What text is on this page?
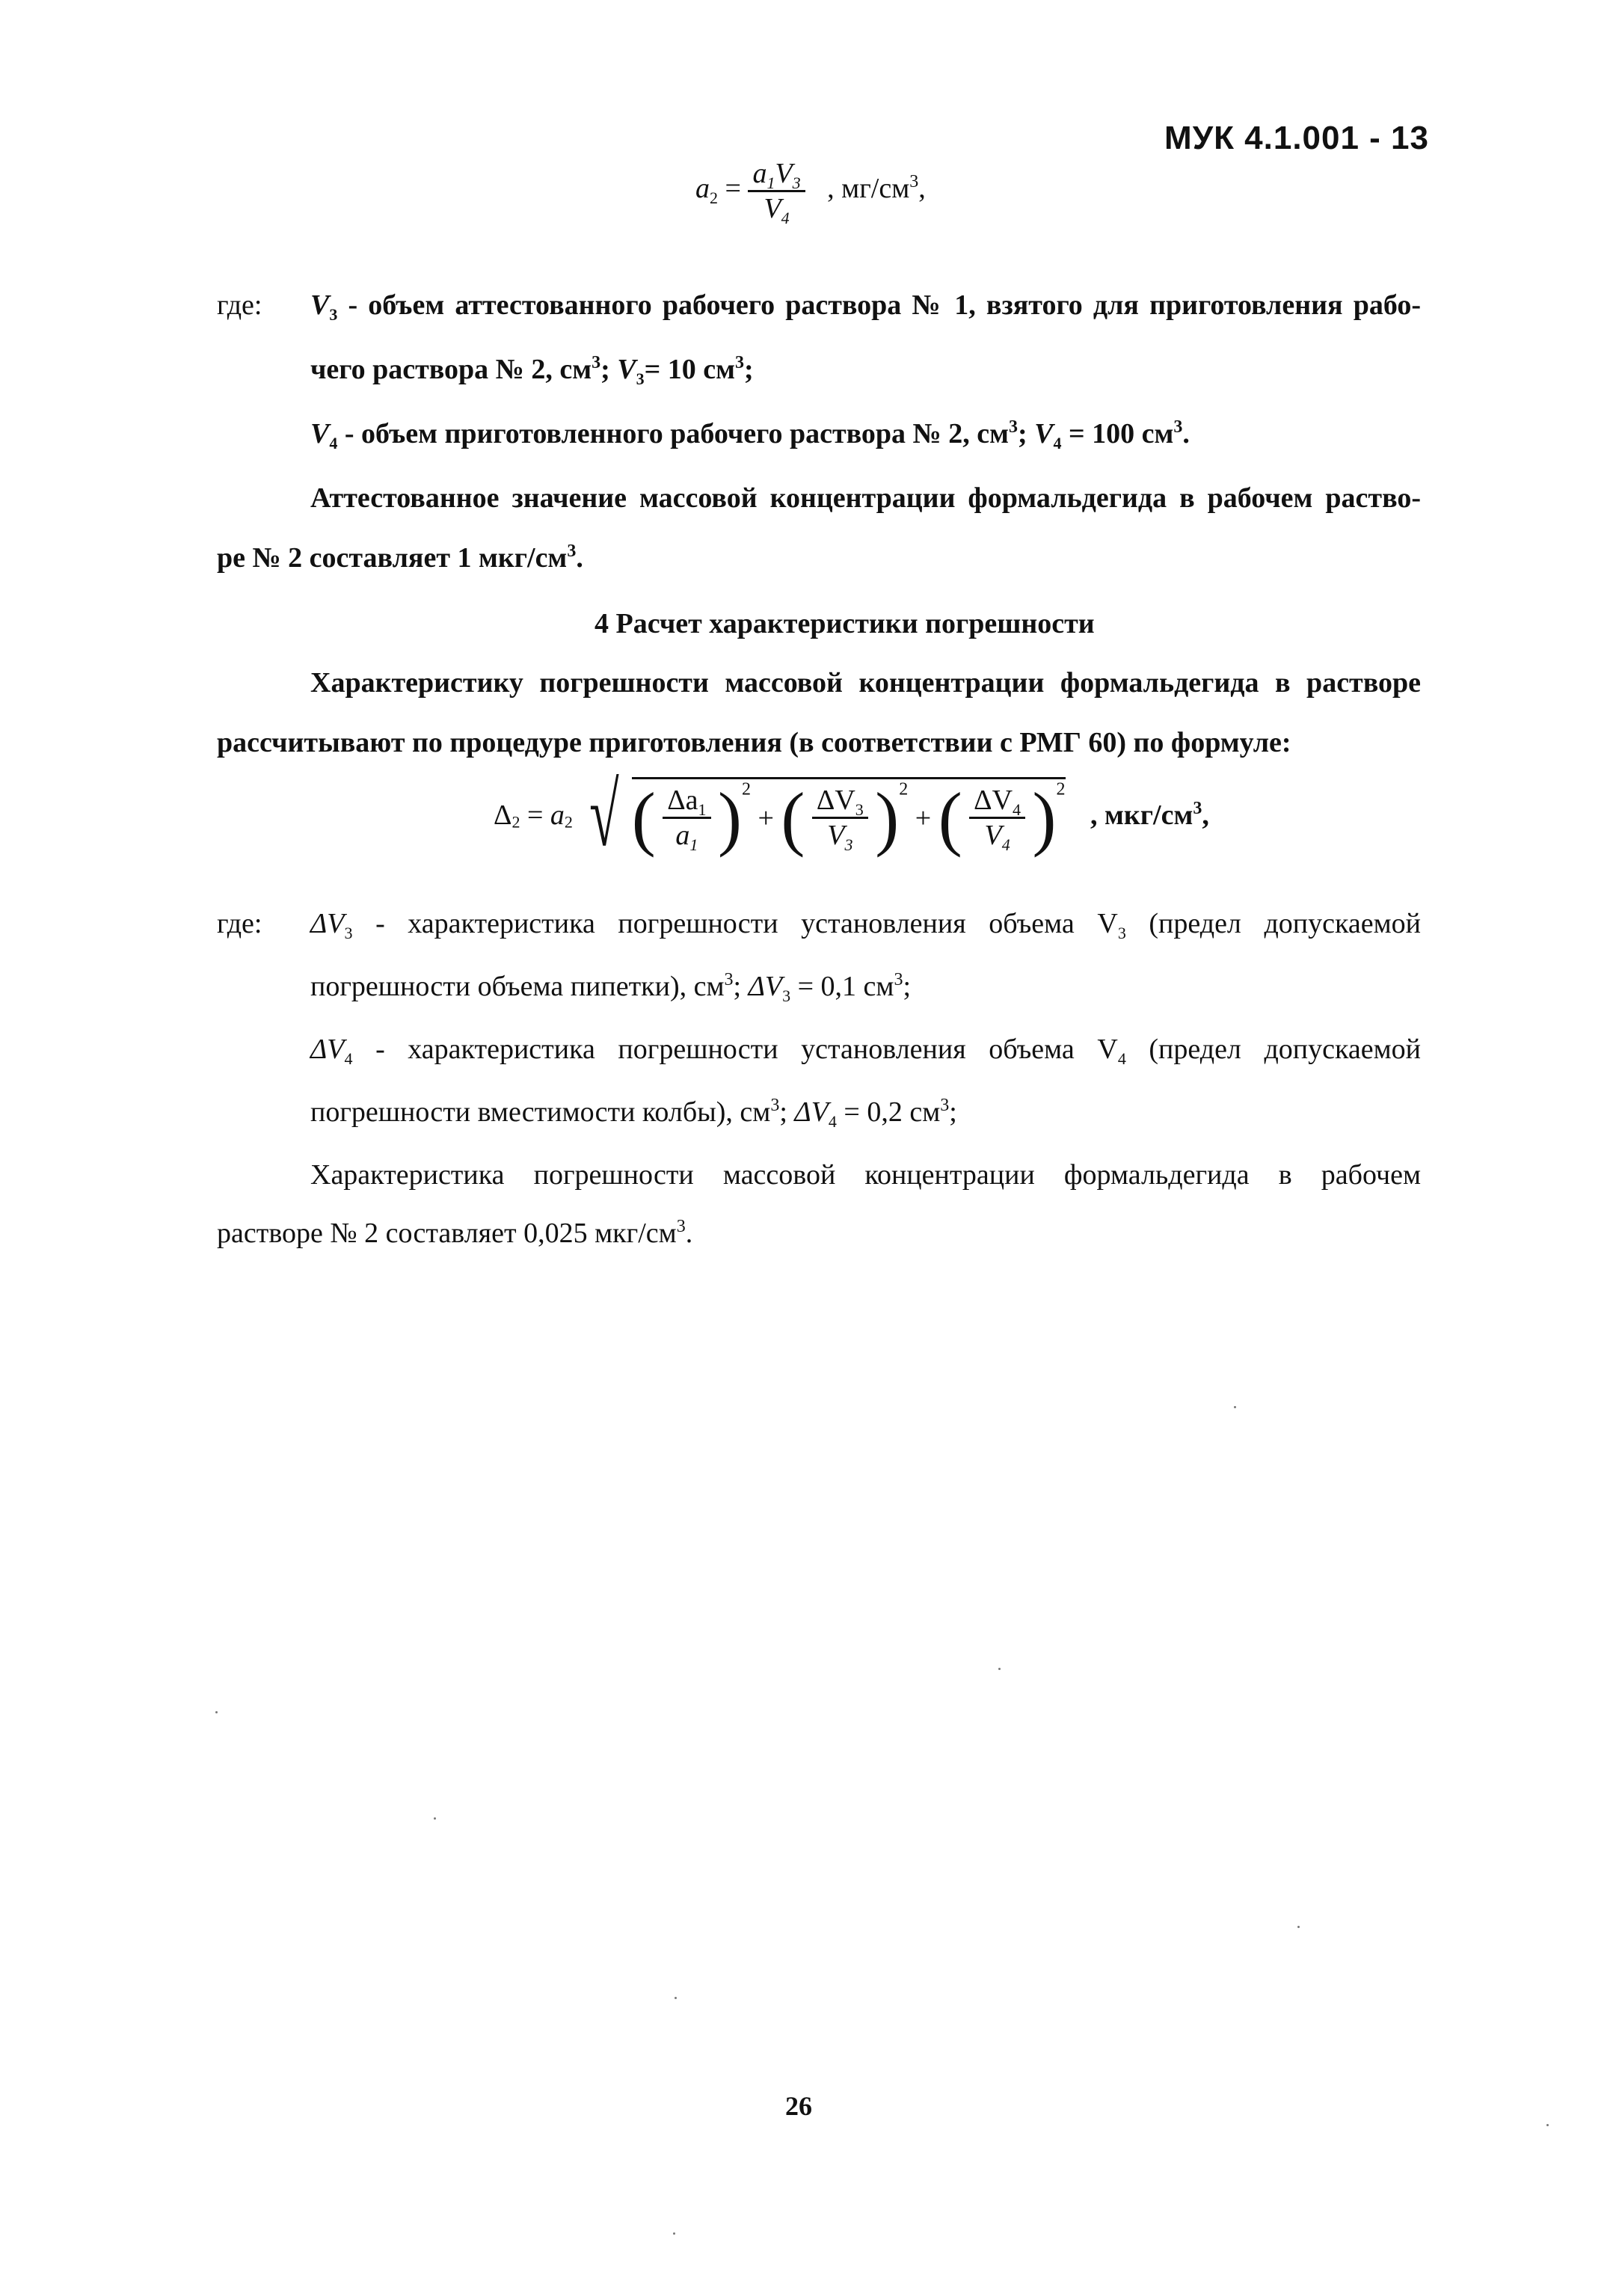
МУК 4.1.001 - 13
$a_2 = \frac{a_1V_3}{V_4}$ , $мг/см^3$,
где: $V_3$ - объем аттестованного рабочего раствора № 1, взятого для приготовления рабо-
чего раствора № 2, $см^3$; $V_3= 10$ $см^3$;
$V_4$ - объем приготовленного рабочего раствора № 2, $см^3$; $V_4 = 100$ $см^3$.
Аттестованное значение массовой концентрации формальдегида в рабочем раство-
ре № 2 составляет 1 мкг/$см^3$.
4 Расчет характеристики погрешности
Характеристику погрешности массовой концентрации формальдегида в растворе
рассчитывают по процедуре приготовления (в соответствии с РМГ 60) по формуле:
$\Delta_2 = a_2$ √ ( $\frac{\Delta a_1}{a_1} )^2$ + ( $\frac{\Delta V_3}{V_3} )^2$ + ( $\frac{\Delta V_4}{V_4} )^2$ , мкг/$см^3$,
где: $\Delta V_3$ - характеристика погрешности установления объема $V_3$ (предел допускаемой
погрешности объема пипетки), $см^3$; $\Delta V_3 = 0,1$ $см^3$;
$\Delta V_4$ - характеристика погрешности установления объема $V_4$ (предел допускаемой
погрешности вместимости колбы), $см^3$; $\Delta V_4 = 0,2$ $см^3$;
Характеристика погрешности массовой концентрации формальдегида в рабочем
растворе № 2 составляет 0,025 мкг/$см^3$.
26
